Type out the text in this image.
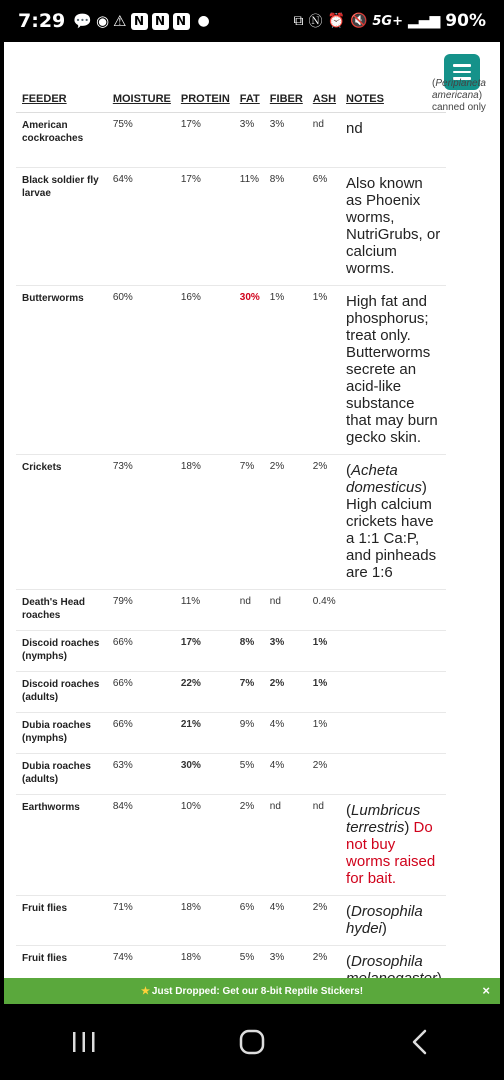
7:29 💬 ◉ ⚠ N N N ●	⧉ Ⓝ ⏰ 🔇 5G+ ▂▄▆ 90%
(Periplaneta americana)
canned only
FEEDER	MOISTURE	PROTEIN	FAT	FIBER	ASH	NOTES
American cockroaches	75%	17%	3%	3%	nd	nd
Black soldier fly larvae	64%	17%	11%	8%	6%	Also known as Phoenix worms, NutriGrubs, or calcium worms.
Butterworms	60%	16%	30%	1%	1%	High fat and phosphorus; treat only. Butterworms secrete an acid-like substance that may burn gecko skin.
Crickets	73%	18%	7%	2%	2%	(Acheta domesticus) High calcium crickets have a 1:1 Ca:P, and pinheads are 1:6
Death's Head roaches	79%	11%	nd	nd	0.4%	
Discoid roaches (nymphs)	66%	17%	8%	3%	1%	
Discoid roaches (adults)	66%	22%	7%	2%	1%	
Dubia roaches (nymphs)	66%	21%	9%	4%	1%	
Dubia roaches (adults)	63%	30%	5%	4%	2%	
Earthworms	84%	10%	2%	nd	nd	(Lumbricus terrestris) Do not buy worms raised for bait.
Fruit flies	71%	18%	6%	4%	2%	(Drosophila hydei)
Fruit flies	74%	18%	5%	3%	2%	(Drosophila

★ Just Dropped: Get our 8-bit Reptile Stickers!	×
